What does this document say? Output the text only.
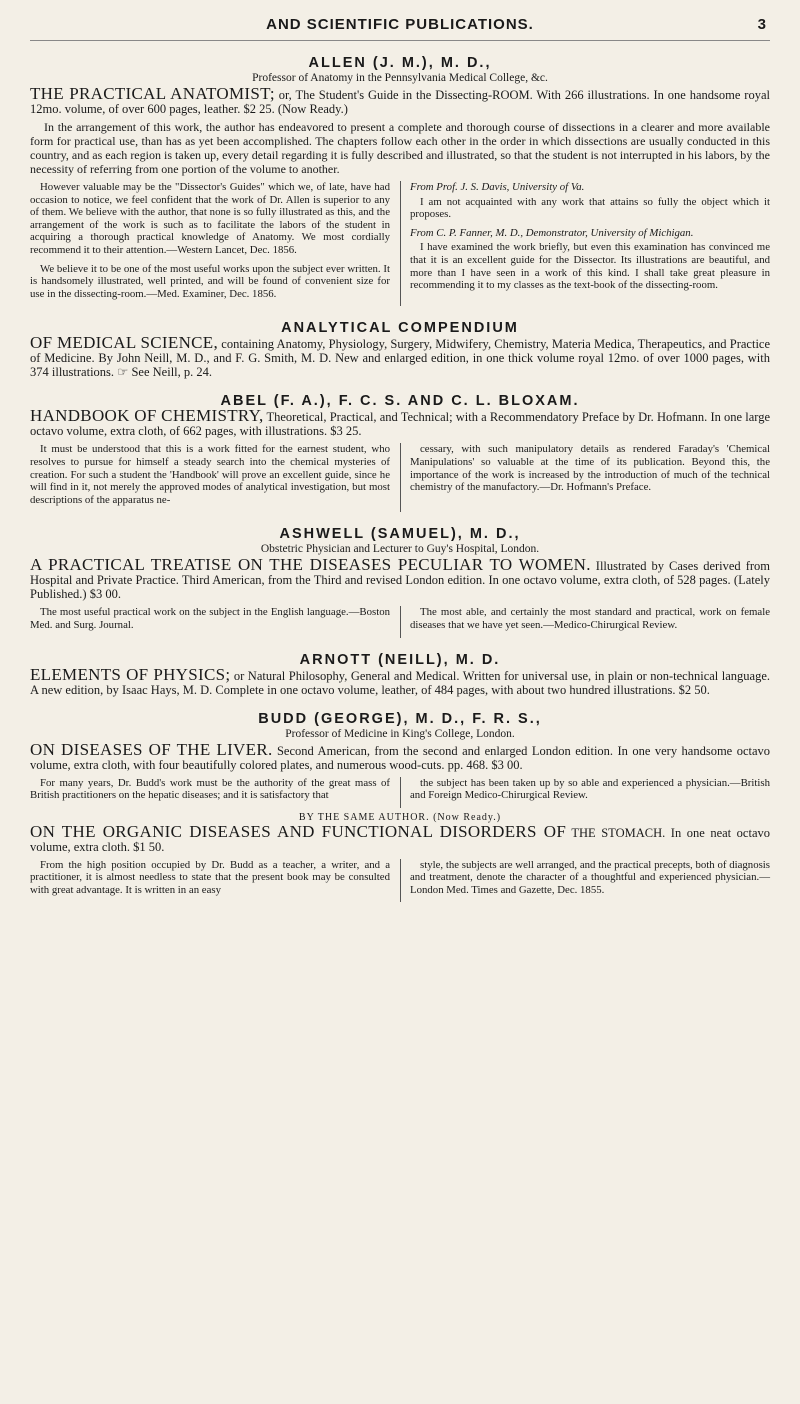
AND SCIENTIFIC PUBLICATIONS.	3

ALLEN (J. M.), M. D.,

Professor of Anatomy in the Pennsylvania Medical College, &c.

THE PRACTICAL ANATOMIST; or, The Student's Guide in the Dissecting-ROOM. With 266 illustrations. In one handsome royal 12mo. volume, of over 600 pages, leather. $2 25. (Now Ready.)

In the arrangement of this work, the author has endeavored to present a complete and thorough course of dissections in a clearer and more available form for practical use, than has as yet been accomplished. The chapters follow each other in the order in which dissections are usually conducted in this country, and as each region is taken up, every detail regarding it is fully described and illustrated, so that the student is not interrupted in his labors, by the necessity of referring from one portion of the volume to another.

However valuable may be the "Dissector's Guides" which we, of late, have had occasion to notice, we feel confident that the work of Dr. Allen is superior to any of them. We believe with the author, that none is so fully illustrated as this, and the arrangement of the work is such as to facilitate the labors of the student in acquiring a thorough practical knowledge of Anatomy. We most cordially recommend it to their attention.—Western Lancet, Dec. 1856.

We believe it to be one of the most useful works upon the subject ever written. It is handsomely illustrated, well printed, and will be found of convenient size for use in the dissecting-room.—Med. Examiner, Dec. 1856.

From Prof. J. S. Davis, University of Va.

I am not acquainted with any work that attains so fully the object which it proposes.

From C. P. Fanner, M. D., Demonstrator, University of Michigan.

I have examined the work briefly, but even this examination has convinced me that it is an excellent guide for the Dissector. Its illustrations are beautiful, and more than I have seen in a work of this kind. I shall take great pleasure in recommending it to my classes as the text-book of the dissecting-room.

ANALYTICAL COMPENDIUM

OF MEDICAL SCIENCE, containing Anatomy, Physiology, Surgery, Midwifery, Chemistry, Materia Medica, Therapeutics, and Practice of Medicine. By John Neill, M. D., and F. G. Smith, M. D. New and enlarged edition, in one thick volume royal 12mo. of over 1000 pages, with 374 illustrations. ☞ See Neill, p. 24.

ABEL (F. A.), F. C. S. AND C. L. BLOXAM.

HANDBOOK OF CHEMISTRY, Theoretical, Practical, and Technical; with a Recommendatory Preface by Dr. Hofmann. In one large octavo volume, extra cloth, of 662 pages, with illustrations. $3 25.

It must be understood that this is a work fitted for the earnest student, who resolves to pursue for himself a steady search into the chemical mysteries of creation. For such a student the 'Handbook' will prove an excellent guide, since he will find in it, not merely the approved modes of analytical investigation, but most descriptions of the apparatus ne-

cessary, with such manipulatory details as rendered Faraday's 'Chemical Manipulations' so valuable at the time of its publication. Beyond this, the importance of the work is increased by the introduction of much of the technical chemistry of the manufactory.—Dr. Hofmann's Preface.

ASHWELL (SAMUEL), M. D.,

Obstetric Physician and Lecturer to Guy's Hospital, London.

A PRACTICAL TREATISE ON THE DISEASES PECULIAR TO WOMEN. Illustrated by Cases derived from Hospital and Private Practice. Third American, from the Third and revised London edition. In one octavo volume, extra cloth, of 528 pages. (Lately Published.) $3 00.

The most useful practical work on the subject in the English language.—Boston Med. and Surg. Journal.

The most able, and certainly the most standard and practical, work on female diseases that we have yet seen.—Medico-Chirurgical Review.

ARNOTT (NEILL), M. D.

ELEMENTS OF PHYSICS; or Natural Philosophy, General and Medical. Written for universal use, in plain or non-technical language. A new edition, by Isaac Hays, M. D. Complete in one octavo volume, leather, of 484 pages, with about two hundred illustrations. $2 50.

BUDD (GEORGE), M. D., F. R. S.,

Professor of Medicine in King's College, London.

ON DISEASES OF THE LIVER. Second American, from the second and enlarged London edition. In one very handsome octavo volume, extra cloth, with four beautifully colored plates, and numerous wood-cuts. pp. 468. $3 00.

For many years, Dr. Budd's work must be the authority of the great mass of British practitioners on the hepatic diseases; and it is satisfactory that

the subject has been taken up by so able and experienced a physician.—British and Foreign Medico-Chirurgical Review.

BY THE SAME AUTHOR. (Now Ready.)

ON THE ORGANIC DISEASES AND FUNCTIONAL DISORDERS OF THE STOMACH. In one neat octavo volume, extra cloth. $1 50.

From the high position occupied by Dr. Budd as a teacher, a writer, and a practitioner, it is almost needless to state that the present book may be consulted with great advantage. It is written in an easy

style, the subjects are well arranged, and the practical precepts, both of diagnosis and treatment, denote the character of a thoughtful and experienced physician.—London Med. Times and Gazette, Dec. 1855.
